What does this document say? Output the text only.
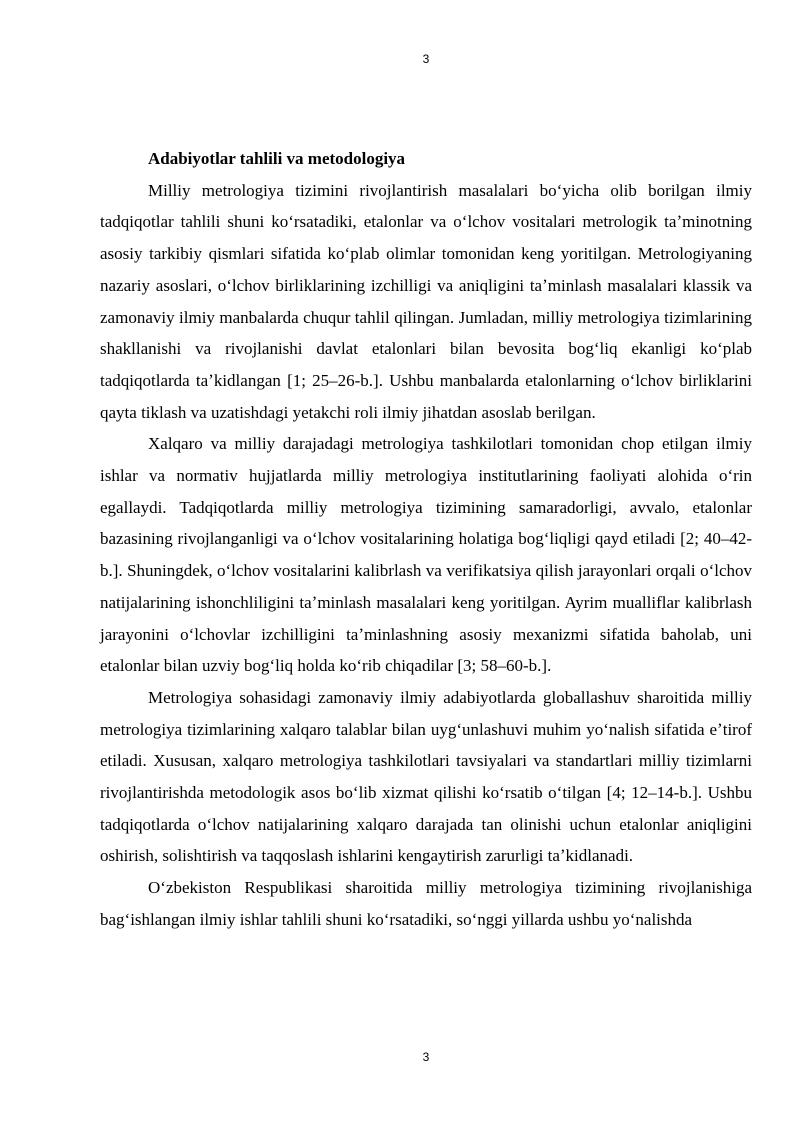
3

Adabiyotlar tahlili va metodologiya

Milliy metrologiya tizimini rivojlantirish masalalari boʻyicha olib borilgan ilmiy tadqiqotlar tahlili shuni koʻrsatadiki, etalonlar va oʻlchov vositalari metrologik taʼminotning asosiy tarkibiy qismlari sifatida koʻplab olimlar tomonidan keng yoritilgan. Metrologiyaning nazariy asoslari, oʻlchov birliklarining izchilligi va aniqligini taʼminlash masalalari klassik va zamonaviy ilmiy manbalarda chuqur tahlil qilingan. Jumladan, milliy metrologiya tizimlarining shakllanishi va rivojlanishi davlat etalonlari bilan bevosita bogʻliq ekanligi koʻplab tadqiqotlarda taʼkidlangan [1; 25–26-b.]. Ushbu manbalarda etalonlarning oʻlchov birliklarini qayta tiklash va uzatishdagi yetakchi roli ilmiy jihatdan asoslab berilgan.

Xalqaro va milliy darajadagi metrologiya tashkilotlari tomonidan chop etilgan ilmiy ishlar va normativ hujjatlarda milliy metrologiya institutlarining faoliyati alohida oʻrin egallaydi. Tadqiqotlarda milliy metrologiya tizimining samaradorligi, avvalo, etalonlar bazasining rivojlanganligi va oʻlchov vositalarining holatiga bogʻliqligi qayd etiladi [2; 40–42-b.]. Shuningdek, oʻlchov vositalarini kalibrlash va verifikatsiya qilish jarayonlari orqali oʻlchov natijalarining ishonchliligini taʼminlash masalalari keng yoritilgan. Ayrim mualliflar kalibrlash jarayonini oʻlchovlar izchilligini taʼminlashning asosiy mexanizmi sifatida baholab, uni etalonlar bilan uzviy bogʻliq holda koʻrib chiqadilar [3; 58–60-b.].

Metrologiya sohasidagi zamonaviy ilmiy adabiyotlarda globallashuv sharoitida milliy metrologiya tizimlarining xalqaro talablar bilan uygʻunlashuvi muhim yoʻnalish sifatida eʼtirof etiladi. Xususan, xalqaro metrologiya tashkilotlari tavsiyalari va standartlari milliy tizimlarni rivojlantirishda metodologik asos boʻlib xizmat qilishi koʻrsatib oʻtilgan [4; 12–14-b.]. Ushbu tadqiqotlarda oʻlchov natijalarining xalqaro darajada tan olinishi uchun etalonlar aniqligini oshirish, solishtirish va taqqoslash ishlarini kengaytirish zarurligi taʼkidlanadi.

Oʻzbekiston Respublikasi sharoitida milliy metrologiya tizimining rivojlanishiga bagʻishlangan ilmiy ishlar tahlili shuni koʻrsatadiki, soʻnggi yillarda ushbu yoʻnalishda

3
